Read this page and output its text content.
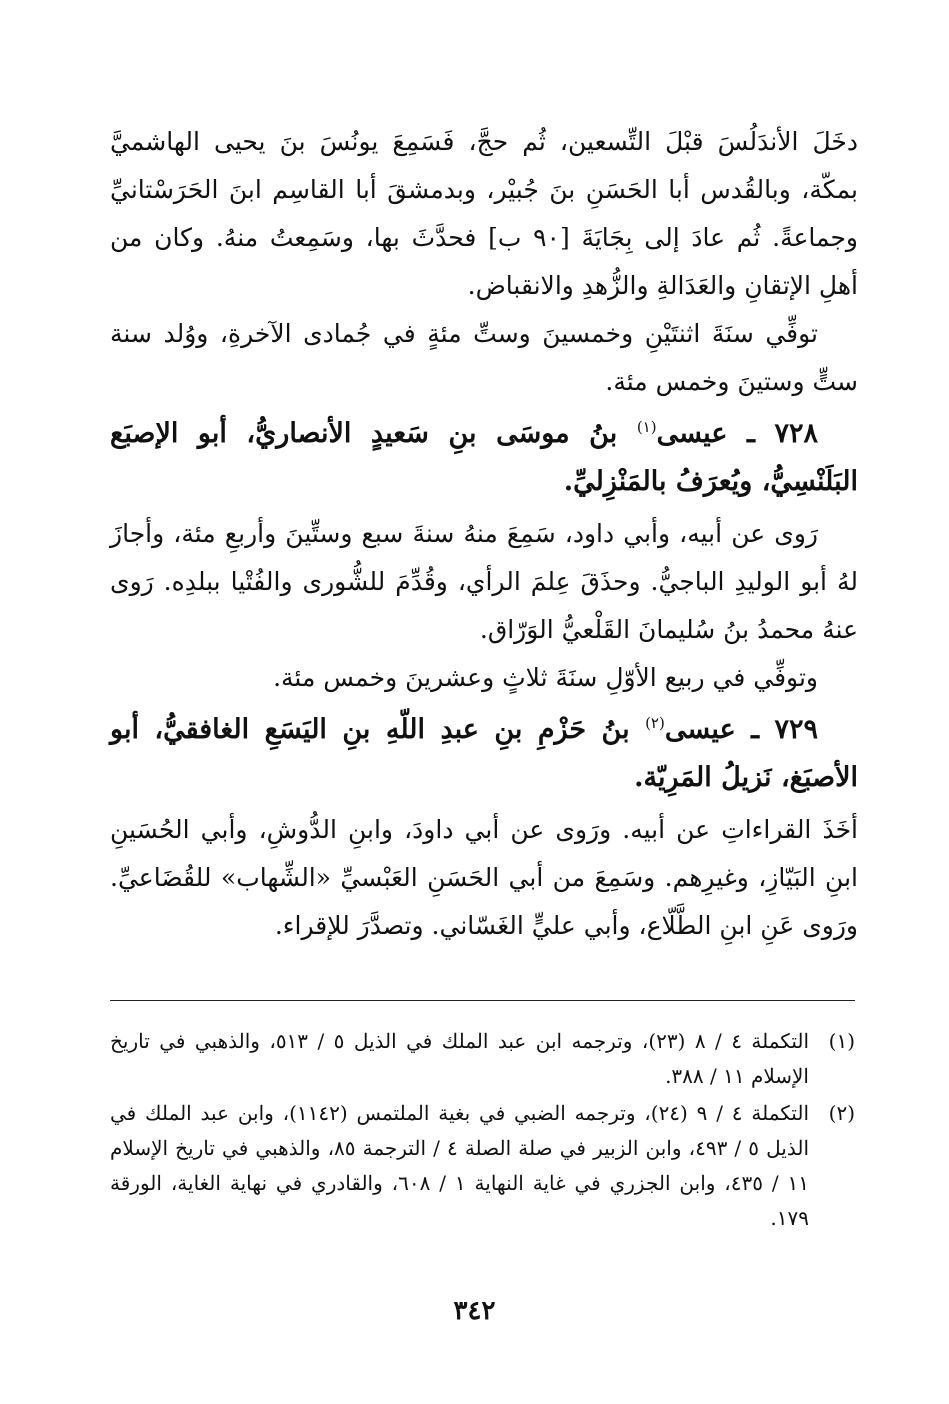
دخَلَ الأندَلُسَ قبْلَ التِّسعين، ثُم حجَّ، فَسَمِعَ يونُسَ بنَ يحيى الهاشميَّ بمكّة، وبالقُدس أبا الحَسَنِ بنَ جُبيْر، وبدمشقَ أبا القاسِم ابنَ الحَرَسْتانيِّ وجماعةً. ثُم عادَ إلى بِجَايَةَ [٩٠ ب] فحدَّثَ بها، وسَمِعتُ منهُ. وكان من أهلِ الإتقانِ والعَدَالةِ والزُّهدِ والانقباض.

توفِّي سنَةَ اثنتَيْنِ وخمسينَ وستِّ مئةٍ في جُمادى الآخرةِ، ووُلد سنة ستٍّ وستينَ وخمس مئة.

٧٢٨ ـ عيسى$^{(١)}$ بنُ موسَى بنِ سَعيدٍ الأنصاريُّ، أبو الإصبَع البَلَنْسِيُّ، ويُعرَفُ بالمَنْزِليِّ.

رَوى عن أبيه، وأبي داود، سَمِعَ منهُ سنةَ سبع وستِّينَ وأربعِ مئة، وأجازَ لهُ أبو الوليدِ الباجيُّ. وحذَقَ عِلمَ الرأي، وقُدِّمَ للشُّورى والفُتْيا ببلدِه. رَوى عنهُ محمدُ بنُ سُليمانَ القَلْعيُّ الوَرّاق.

وتوفِّي في ربيع الأوّلِ سنَةَ ثلاثٍ وعشرينَ وخمس مئة.

٧٢٩ ـ عيسى$^{(٢)}$ بنُ حَزْمِ بنِ عبدِ اللّهِ بنِ اليَسَعِ الغافقيُّ، أبو الأصبَغ، نَزيلُ المَرِيّة.

أخَذَ القراءاتِ عن أبيه. ورَوى عن أبي داودَ، وابنِ الدُّوشِ، وأبي الحُسَينِ ابنِ البَيّازِ، وغيرِهم. وسَمِعَ من أبي الحَسَنِ العَبْسيِّ «الشِّهاب» للقُضَاعيِّ. ورَوى عَنِ ابنِ الطَّلّاع، وأبي عليٍّ الغَسّاني. وتصدَّرَ للإقراء.

(١)
التكملة ٤ / ٨ (٢٣)، وترجمه ابن عبد الملك في الذيل ٥ / ٥١٣، والذهبي في تاريخ الإسلام ١١ / ٣٨٨.
(٢)
التكملة ٤ / ٩ (٢٤)، وترجمه الضبي في بغية الملتمس (١١٤٢)، وابن عبد الملك في الذيل ٥ / ٤٩٣، وابن الزبير في صلة الصلة ٤ / الترجمة ٨٥، والذهبي في تاريخ الإسلام ١١ / ٤٣٥، وابن الجزري في غاية النهاية ١ / ٦٠٨، والقادري في نهاية الغاية، الورقة ١٧٩.
٣٤٢
